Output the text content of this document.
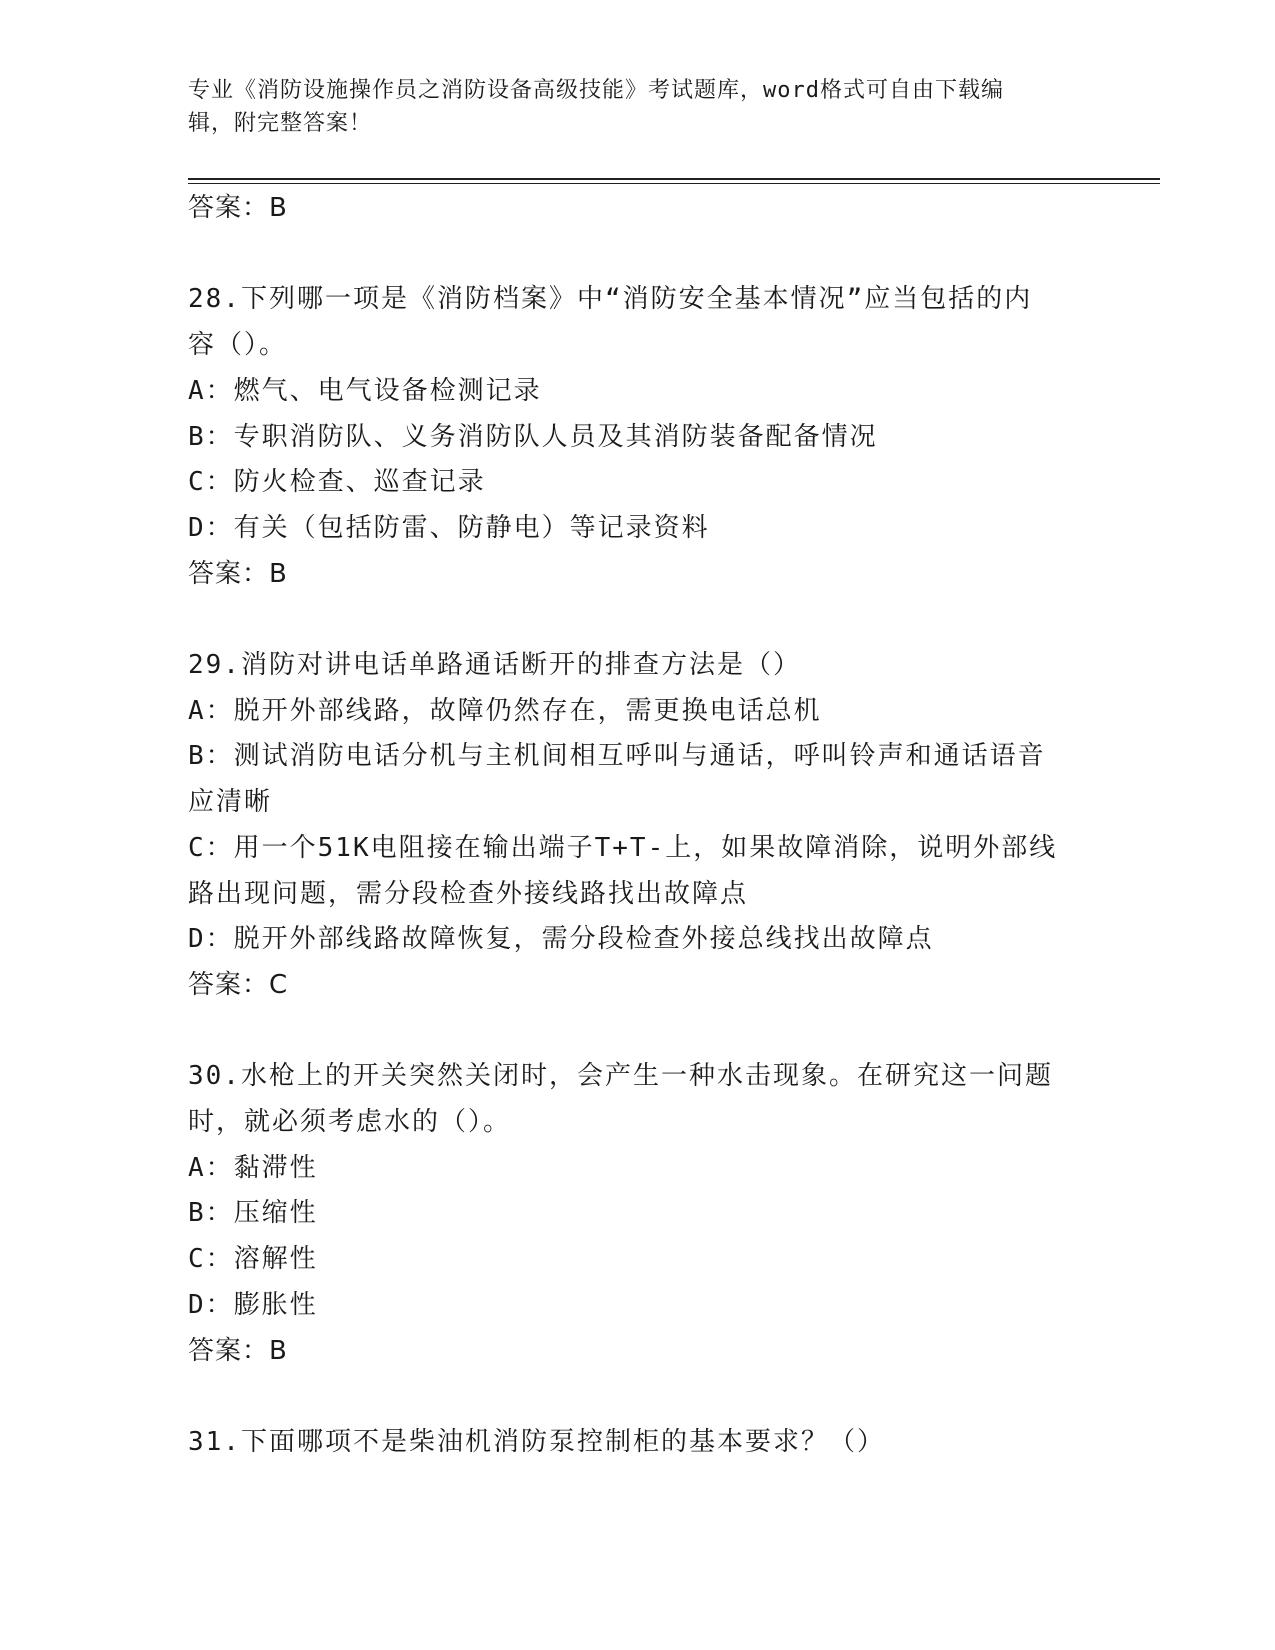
专业《消防设施操作员之消防设备高级技能》考试题库，word格式可自由下载编
辑，附完整答案！

答案：B

28.下列哪一项是《消防档案》中“消防安全基本情况”应当包括的内

容（）。

A：燃气、电气设备检测记录

B：专职消防队、义务消防队人员及其消防装备配备情况

C：防火检查、巡查记录

D：有关（包括防雷、防静电）等记录资料

答案：B

29.消防对讲电话单路通话断开的排查方法是（）

A：脱开外部线路，故障仍然存在，需更换电话总机

B：测试消防电话分机与主机间相互呼叫与通话，呼叫铃声和通话语音

应清晰

C：用一个51K电阻接在输出端子T+T-上，如果故障消除，说明外部线

路出现问题，需分段检查外接线路找出故障点

D：脱开外部线路故障恢复，需分段检查外接总线找出故障点

答案：C

30.水枪上的开关突然关闭时，会产生一种水击现象。在研究这一问题

时，就必须考虑水的（）。

A：黏滞性

B：压缩性

C：溶解性

D：膨胀性

答案：B

31.下面哪项不是柴油机消防泵控制柜的基本要求？（）
